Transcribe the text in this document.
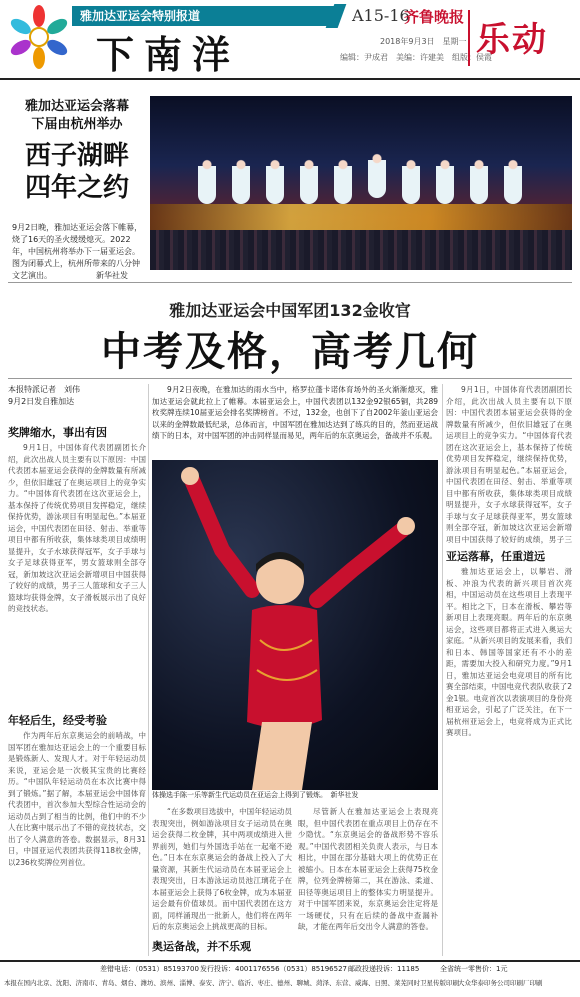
雅加达亚运会特别报道
下南洋
A15-16
齐鲁晚报
2018年9月3日　星期一
编辑：尹成君　美编：许建美　组版：侯霞
乐动
雅加达亚运会落幕
下届由杭州举办
西子湖畔
四年之约
9月2日晚，雅加达亚运会落下帷幕，烧了16天的圣火缓缓熄灭。2022年，中国杭州将举办下一届亚运会。图为闭幕式上，杭州所带来的八分钟文艺演出。　　　　　　新华社发
雅加达亚运会中国军团132金收官
中考及格，高考几何
本报特派记者　刘伟
9月2日发自雅加达
奖牌缩水，事出有因
9月1日，中国体育代表团副团长介绍，此次出战人员主要有以下原因：中国代表团本届亚运会获得的金牌数量有所减少，但依旧雄冠了在奥运项目上的竞争实力。“中国体育代表团在这次亚运会上，基本保持了传统优势项目发挥稳定，继续保持优势，游泳项目有明显起色。”本届亚运会，中国代表团在田径、射击、举重等项目中都有所收获，集体球类项目成绩明显提升，女子水球获得冠军，女子手球与女子足球获得亚军，男女篮球则全部夺冠，新加坡这次亚运会新增项目中国获得了较好的成绩，男子三人篮球和女子三人篮球均获得金牌，女子滑板展示出了良好的竞技状态。
年轻后生，经受考验
作为两年后东京奥运会的前哨战，中国军团在雅加达亚运会上的一个重要目标是锻炼新人、发现人才。对于年轻运动员来说，亚运会是一次极其宝贵的比赛经历。“中国队年轻运动员在本次比赛中得到了锻炼。”据了解，本届亚运会中国体育代表团中，首次参加大型综合性运动会的运动员占到了相当的比例，他们中的不少人在比赛中展示出了不错的竞技状态，交出了令人满意的答卷。数据显示，8月31日，中国亚运代表团共获得118枚金牌，以236枚奖牌位列首位。
9月2日夜晚，在雅加达的雨水当中，格罗拉蓬卡诺体育场外的圣火渐渐熄灭，雅加达亚运会就此拉上了帷幕。本届亚运会上，中国代表团以132金92银65铜，共289枚奖牌连续10届亚运会排名奖牌榜首。不过，132金，也创下了自2002年釜山亚运会以来的金牌数最低纪录，总体而言，中国军团在雅加达达到了练兵的目的，然而亚运战绩下的日本，对中国军团的冲击同样显而易见，两年后的东京奥运会，备战并不乐观。
体操选手陈一乐等新生代运动员在亚运会上得到了锻炼。　新华社发
“在多数项目选拔中，中国年轻运动员表现突出，例如游泳项目女子运动员在奥运会获得二枚金牌，其中两项成绩进入世界前列，她们与外国选手站在一起毫不逊色。”日本在东京奥运会的备战上投入了大量资源，其新生代运动员在本届亚运会上表现突出，日本游泳运动员池江璃花子在本届亚运会上获得了6枚金牌，成为本届亚运会最有价值球员。而中国代表团在这方面，同样涌现出一批新人，他们将在两年后的东京奥运会上挑战更高的目标。
奥运备战，并不乐观
尽管新人在雅加达亚运会上表现亮眼，但中国代表团在重点项目上仍存在不少隐忧。“东京奥运会的备战形势不容乐观。”中国代表团相关负责人表示，与日本相比，中国在部分基础大项上的优势正在被缩小。日本在本届亚运会上获得75枚金牌，位列金牌榜第二，其在游泳、柔道、田径等奥运项目上的整体实力明显提升。对于中国军团来说，东京奥运会注定将是一场硬仗，只有在后续的备战中查漏补缺，才能在两年后交出令人满意的答卷。
9月1日，中国体育代表团副团长介绍，此次出战人员主要有以下原因：中国代表团本届亚运会获得的金牌数量有所减少，但依旧雄冠了在奥运项目上的竞争实力。“中国体育代表团在这次亚运会上，基本保持了传统优势项目发挥稳定，继续保持优势，游泳项目有明显起色。”本届亚运会，中国代表团在田径、射击、举重等项目中都有所收获，集体球类项目成绩明显提升，女子水球获得冠军，女子手球与女子足球获得亚军，男女篮球则全部夺冠，新加坡这次亚运会新增项目中国获得了较好的成绩，男子三
亚运落幕，任重道远
雅加达亚运会上，以攀岩、滑板、冲浪为代表的新兴项目首次亮相，中国运动员在这些项目上表现平平。相比之下，日本在滑板、攀岩等新项目上表现亮眼。两年后的东京奥运会，这些项目都将正式进入奥运大家庭。“从新兴项目的发展来看，我们和日本、韩国等国家还有不小的差距，需要加大投入和研究力度。”9月1日，雅加达亚运会电竞项目的所有比赛全部结束，中国电竞代表队收获了2金1银。电竞首次以表演项目的身份亮相亚运会，引起了广泛关注，在下一届杭州亚运会上，电竞将成为正式比赛项目。
差错电话：（0531）85193700 发行投诉：4001176556（0531）85196527 邮政投递投诉：11185	全省统一零售价：1元
本报在国内北京、沈阳、济南市、青岛、烟台、潍坊、滨州、淄博、泰安、济宁、临沂、枣庄、德州、聊城、菏泽、东营、威海、日照、莱芜同时卫星传版印刷 大众华泰印务公司印刷厂印刷
